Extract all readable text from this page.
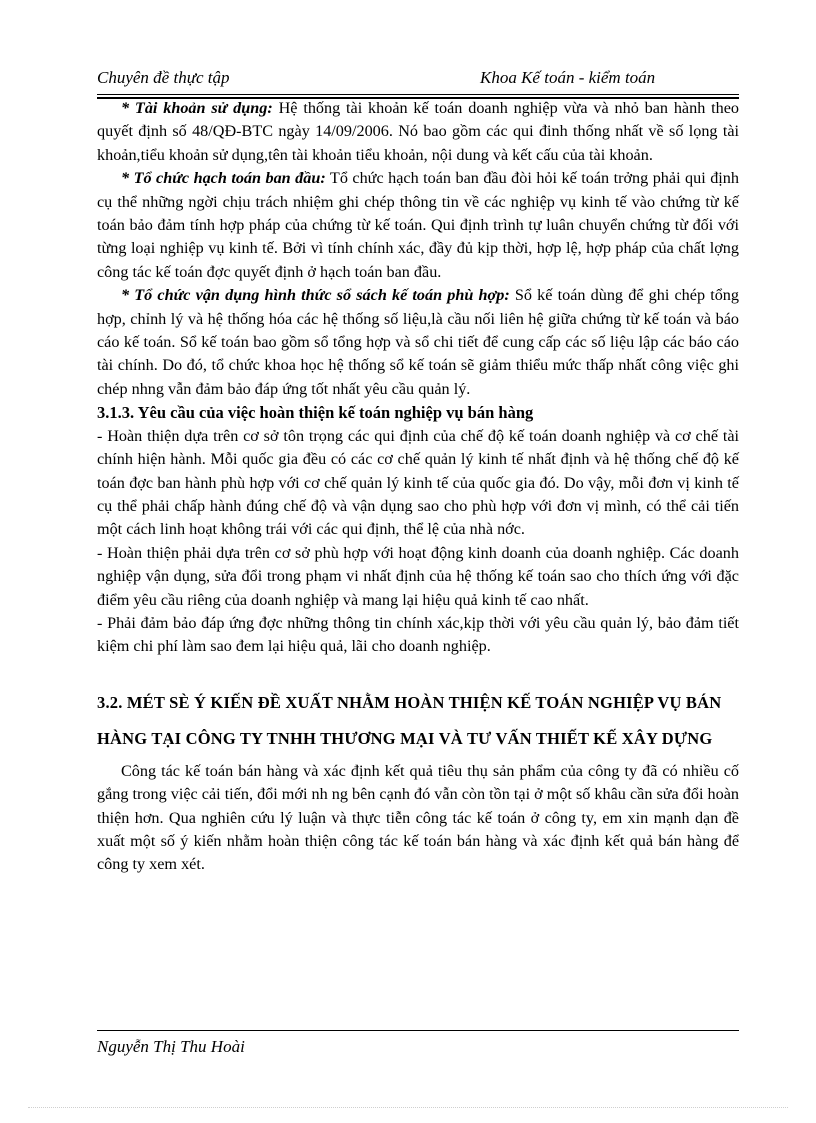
Chuyên đề thực tập	Khoa Kế toán - kiểm toán

* Tài khoản sử dụng: Hệ thống tài khoản kế toán doanh nghiệp vừa và nhỏ ban hành theo quyết định số 48/QĐ-BTC ngày 14/09/2006. Nó bao gồm các qui đinh thống nhất về số lọng tài khoản,tiểu khoản sử dụng,tên tài khoản tiểu khoản, nội dung và kết cấu của tài khoản.

* Tổ chức hạch toán ban đầu: Tổ chức hạch toán ban đầu đòi hỏi kế toán trởng phải qui định cụ thể những ngời chịu trách nhiệm ghi chép thông tin về các nghiệp vụ kinh tế vào chứng từ kế toán bảo đảm tính hợp pháp của chứng từ kế toán. Qui định trình tự luân chuyển chứng từ đối với từng loại nghiệp vụ kinh tế. Bởi vì tính chính xác, đầy đủ kịp thời, hợp lệ, hợp pháp của chất lợng công tác kế toán đợc quyết định ở hạch toán ban đầu.

* Tổ chức vận dụng hình thức sổ sách kế toán phù hợp: Sổ kế toán dùng để ghi chép tổng hợp, chỉnh lý và hệ thống hóa các hệ thống số liệu,là cầu nối liên hệ giữa chứng từ kế toán và báo cáo kế toán. Sổ kế toán bao gồm sổ tổng hợp và sổ chi tiết để cung cấp các số liệu lập các báo cáo tài chính. Do đó, tổ chức khoa học hệ thống sổ kế toán sẽ giảm thiểu mức thấp nhất công việc ghi chép nhng vẫn đảm bảo đáp ứng tốt nhất yêu cầu quản lý.

3.1.3. Yêu cầu của việc hoàn thiện kế toán nghiệp vụ bán hàng

- Hoàn thiện dựa trên cơ sở tôn trọng các qui định của chế độ kế toán doanh nghiệp và cơ chế tài chính hiện hành. Mỗi quốc gia đều có các cơ chế quản lý kinh tế nhất định và hệ thống chế độ kế toán đợc ban hành phù hợp với cơ chế quản lý kinh tế của quốc gia đó. Do vậy, mỗi đơn vị kinh tế cụ thể phải chấp hành đúng chế độ và vận dụng sao cho phù hợp với đơn vị mình, có thể cải tiến một cách linh hoạt không trái với các qui định, thể lệ của nhà nớc.

- Hoàn thiện phải dựa trên cơ sở phù hợp với hoạt động kinh doanh của doanh nghiệp. Các doanh nghiệp vận dụng, sửa đổi trong phạm vi nhất định của hệ thống kế toán sao cho thích ứng với đặc điểm yêu cầu riêng của doanh nghiệp và mang lại hiệu quả kinh tế cao nhất.

- Phải đảm bảo đáp ứng đợc những thông tin chính xác,kịp thời với yêu cầu quản lý, bảo đảm tiết kiệm chi phí làm sao đem lại hiệu quả, lãi cho doanh nghiệp.

3.2. MÉT SÈ Ý KIẾN ĐỀ XUẤT NHẰM HOÀN THIỆN KẾ TOÁN NGHIỆP VỤ BÁN HÀNG TẠI CÔNG TY TNHH THƯƠNG MẠI VÀ TƯ VẤN THIẾT KẾ XÂY DỰNG

Công tác kế toán bán hàng và xác định kết quả tiêu thụ sản phẩm của công ty đã có nhiều cố gắng trong việc cải tiến, đổi mới nh ng bên cạnh đó vẫn còn tồn tại ở một số khâu cần sửa đổi hoàn thiện hơn. Qua nghiên cứu lý luận và thực tiễn công tác kế toán ở công ty, em xin mạnh dạn đề xuất một số ý kiến nhằm hoàn thiện công tác kế toán bán hàng và xác định kết quả bán hàng để công ty xem xét.

Nguyễn Thị Thu Hoài
